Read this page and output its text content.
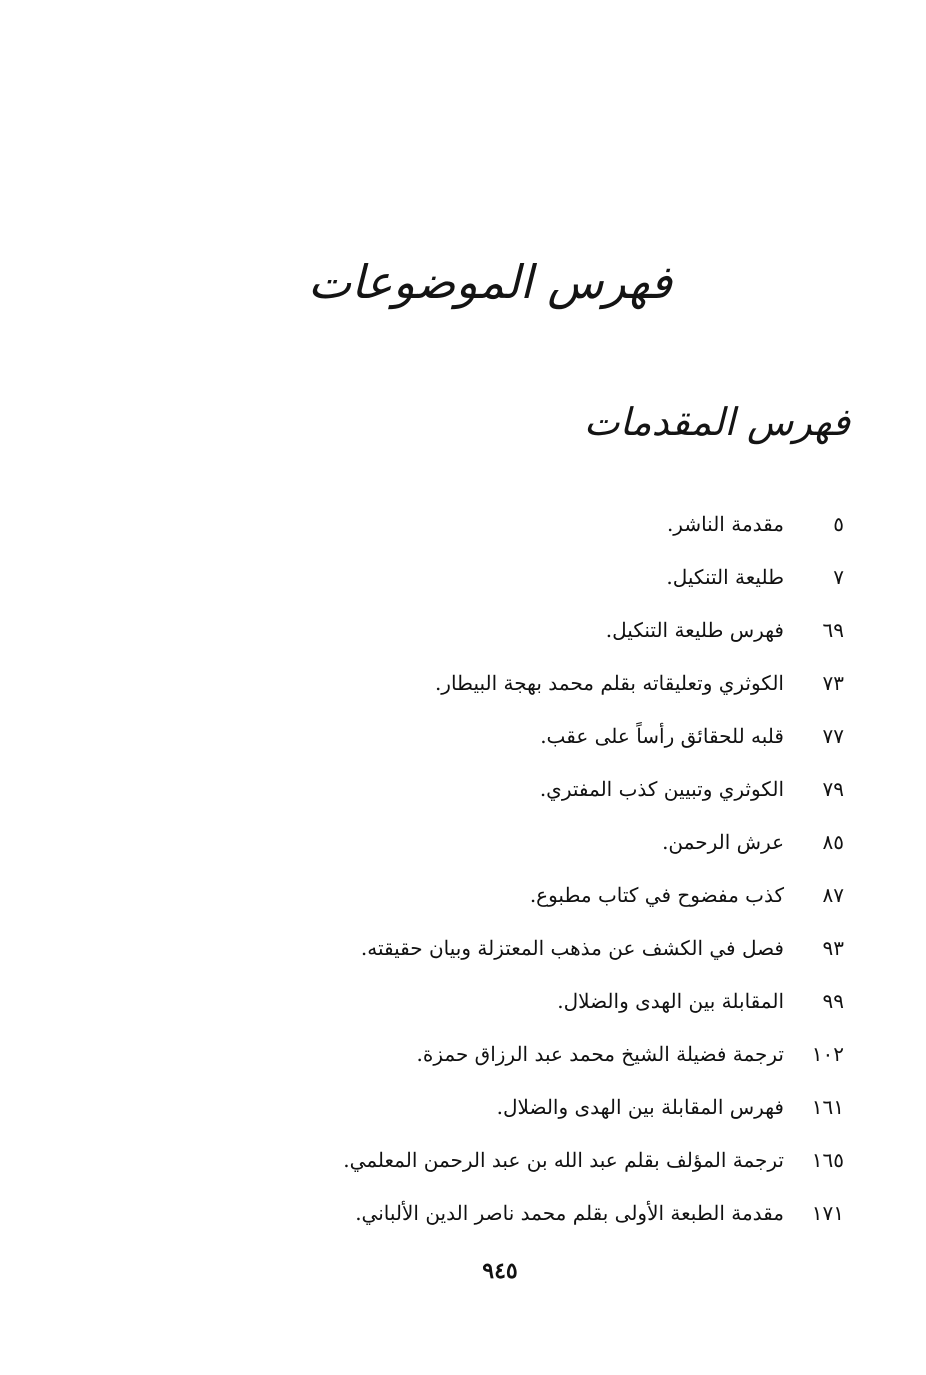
فهرس الموضوعات
فهرس المقدمات
٥
مقدمة الناشر.
٧
طليعة التنكيل.
٦٩
فهرس طليعة التنكيل.
٧٣
الكوثري وتعليقاته بقلم محمد بهجة البيطار.
٧٧
قلبه للحقائق رأساً على عقب.
٧٩
الكوثري وتبيين كذب المفتري.
٨٥
عرش الرحمن.
٨٧
كذب مفضوح في كتاب مطبوع.
٩٣
فصل في الكشف عن مذهب المعتزلة وبيان حقيقته.
٩٩
المقابلة بين الهدى والضلال.
١٠٢
ترجمة فضيلة الشيخ محمد عبد الرزاق حمزة.
١٦١
فهرس المقابلة بين الهدى والضلال.
١٦٥
ترجمة المؤلف بقلم عبد الله بن عبد الرحمن المعلمي.
١٧١
مقدمة الطبعة الأولى بقلم محمد ناصر الدين الألباني.
٩٤٥
